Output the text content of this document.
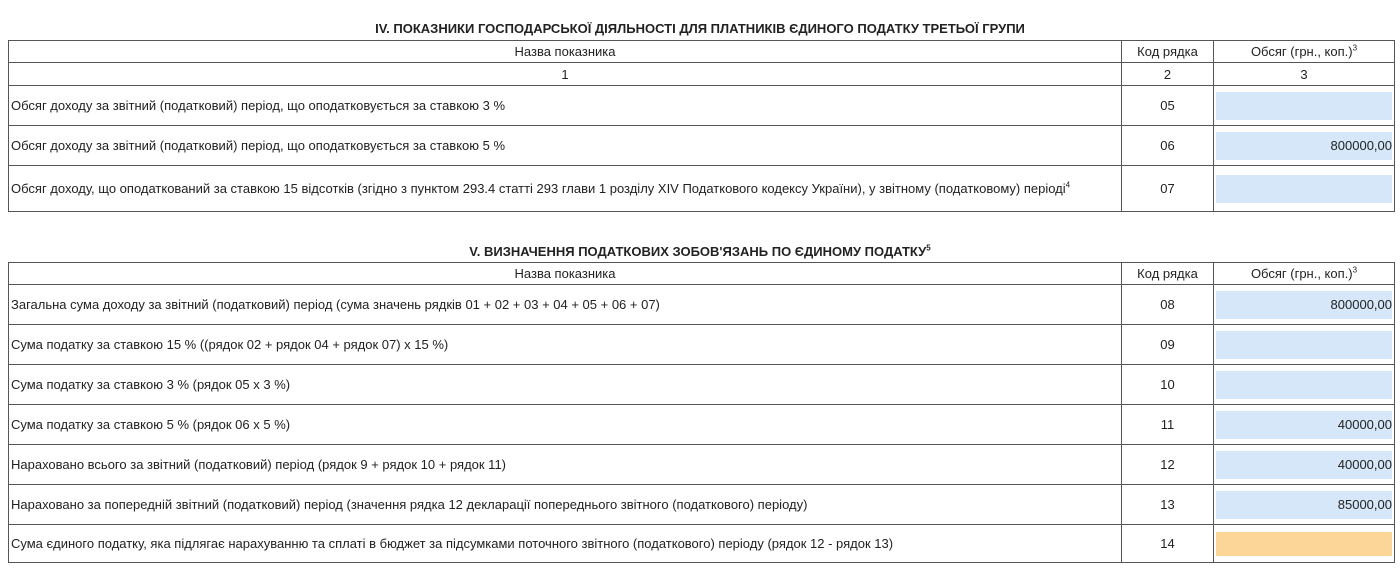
IV. ПОКАЗНИКИ ГОСПОДАРСЬКОЇ ДІЯЛЬНОСТІ ДЛЯ ПЛАТНИКІВ ЄДИНОГО ПОДАТКУ ТРЕТЬОЇ ГРУПИ
Назва показника	Код рядка	Обсяг (грн., коп.)$^3$
1	2	3
Обсяг доходу за звітний (податковий) період, що оподатковується за ставкою 3 %	05	

Обсяг доходу за звітний (податковий) період, що оподатковується за ставкою 5 %	06	800000,00

Обсяг доходу, що оподаткований за ставкою 15 відсотків (згідно з пунктом 293.4 статті 293 глави 1 розділу XIV Податкового кодексу України), у звітному (податковому) періоді$^4$	07	
V. ВИЗНАЧЕННЯ ПОДАТКОВИХ ЗОБОВ'ЯЗАНЬ ПО ЄДИНОМУ ПОДАТКУ$^5$
Назва показника	Код рядка	Обсяг (грн., коп.)$^3$
Загальна сума доходу за звітний (податковий) період (сума значень рядків 01 + 02 + 03 + 04 + 05 + 06 + 07)	08	800000,00

Сума податку за ставкою 15 % ((рядок 02 + рядок 04 + рядок 07) x 15 %)	09	

Сума податку за ставкою 3 % (рядок 05 x 3 %)	10	

Сума податку за ставкою 5 % (рядок 06 x 5 %)	11	40000,00

Нараховано всього за звітний (податковий) період (рядок 9 + рядок 10 + рядок 11)	12	40000,00

Нараховано за попередній звітний (податковий) період (значення рядка 12 декларації попереднього звітного (податкового) періоду)	13	85000,00

Сума єдиного податку, яка підлягає нарахуванню та сплаті в бюджет за підсумками поточного звітного (податкового) періоду (рядок 12 - рядок 13)	14	
